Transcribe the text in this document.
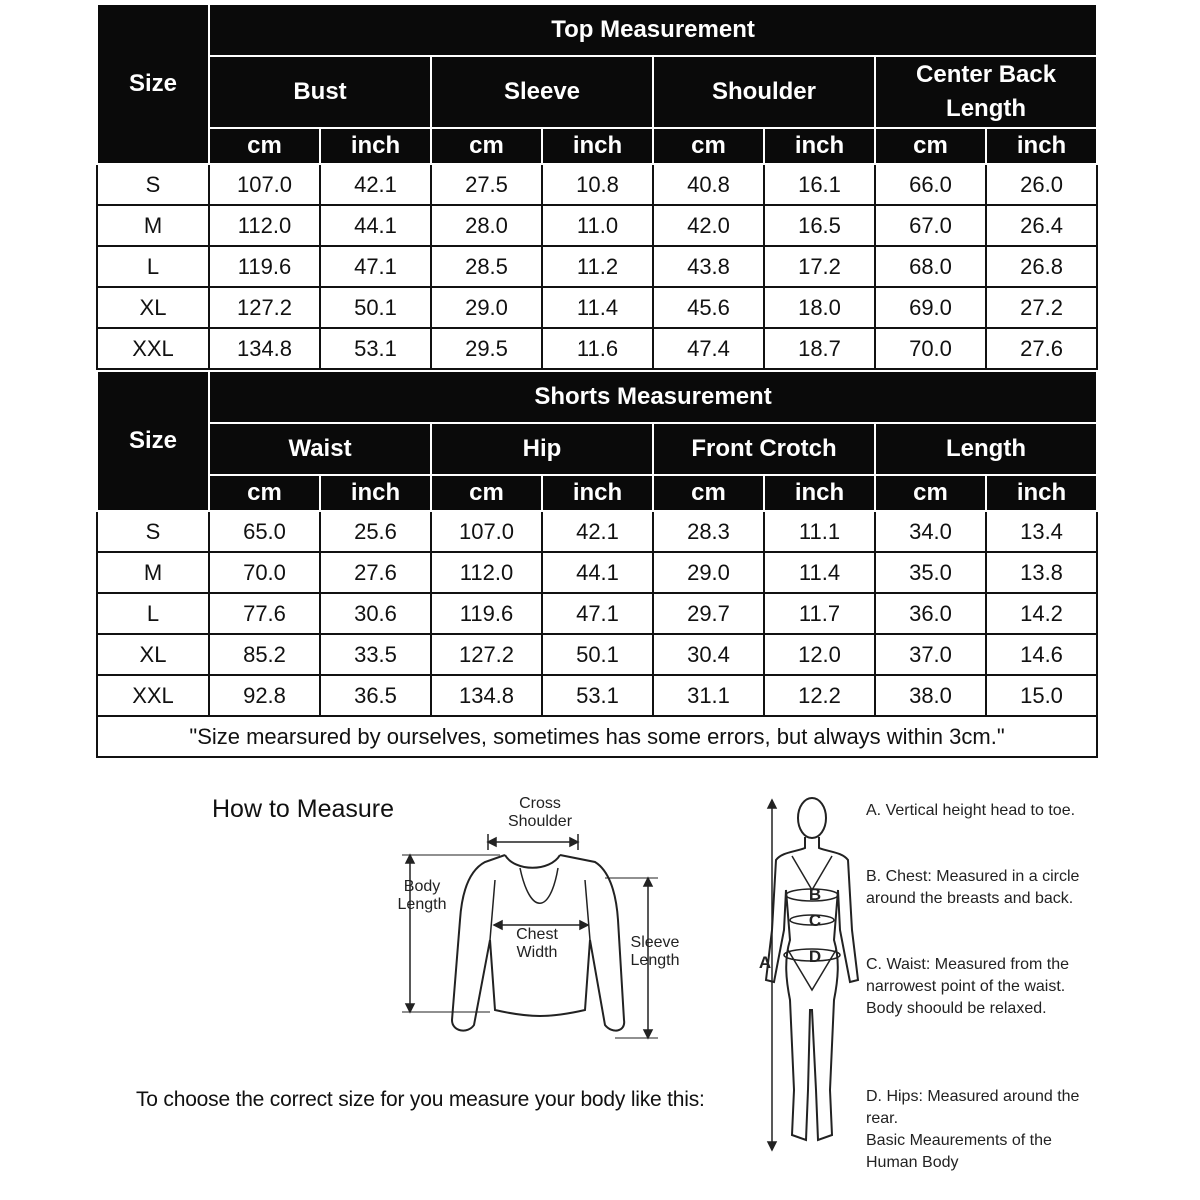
Size	Top Measurement							
	Bust		Sleeve		Shoulder		Center Back Length	
	cm	inch	cm	inch	cm	inch	cm	inch
S	107.0	42.1	27.5	10.8	40.8	16.1	66.0	26.0
M	112.0	44.1	28.0	11.0	42.0	16.5	67.0	26.4
L	119.6	47.1	28.5	11.2	43.8	17.2	68.0	26.8
XL	127.2	50.1	29.0	11.4	45.6	18.0	69.0	27.2
XXL	134.8	53.1	29.5	11.6	47.4	18.7	70.0	27.6
Size	Shorts Measurement							
	Waist		Hip		Front Crotch		Length	
	cm	inch	cm	inch	cm	inch	cm	inch
S	65.0	25.6	107.0	42.1	28.3	11.1	34.0	13.4
M	70.0	27.6	112.0	44.1	29.0	11.4	35.0	13.8
L	77.6	30.6	119.6	47.1	29.7	11.7	36.0	14.2
XL	85.2	33.5	127.2	50.1	30.4	12.0	37.0	14.6
XXL	92.8	36.5	134.8	53.1	31.1	12.2	38.0	15.0
"Size mearsured by ourselves, sometimes has some errors, but always within 3cm."								
How to Measure	Cross Shoulder
Body Length
Chest Width
Sleeve Length
To choose the correct size for you measure your body like this:
A
B
C
D
A. Vertical height head to toe.
B. Chest: Measured in a circle around the breasts and back.
C. Waist: Measured from the narrowest point of the waist. Body shoould be relaxed.
D. Hips: Measured around the rear.
Basic Meaurements of the Human Body
